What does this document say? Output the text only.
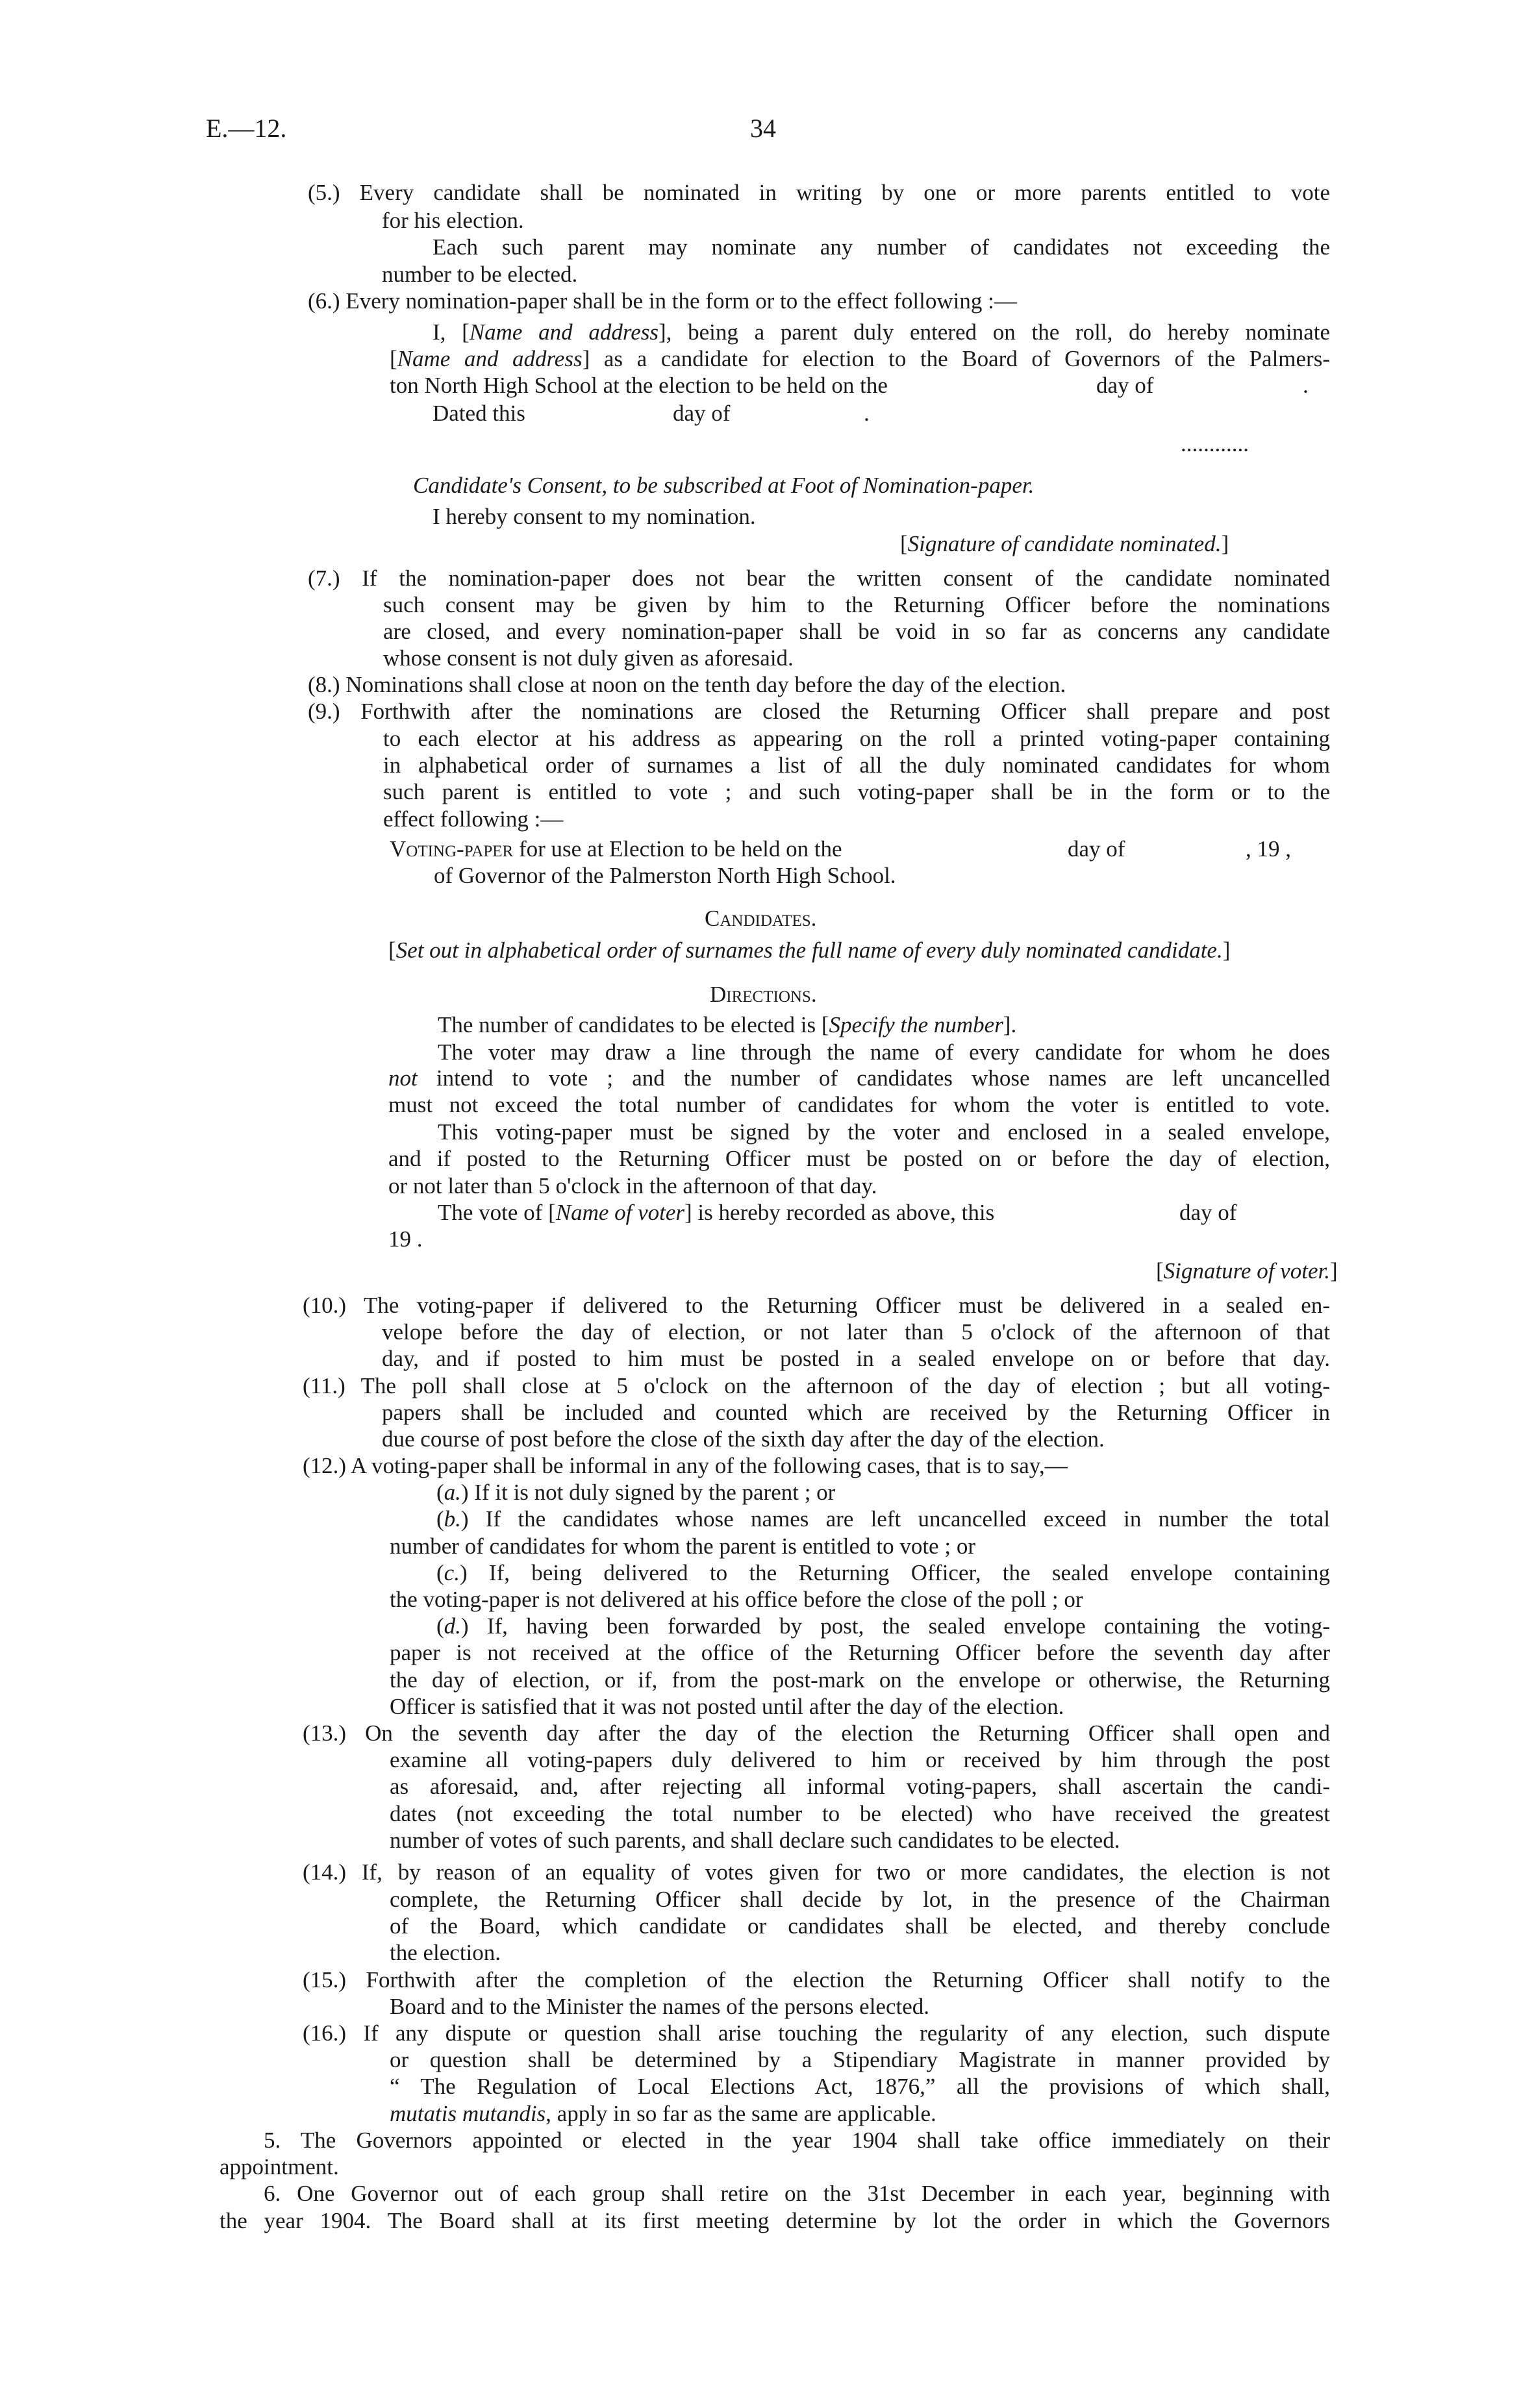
E.—12.	34
(5.) Every candidate shall be nominated in writing by one or more parents entitled to vote
for his election.
Each such parent may nominate any number of candidates not exceeding the
number to be elected.
(6.) Every nomination-paper shall be in the form or to the effect following :—
I, [Name and address], being a parent duly entered on the roll, do hereby nominate
[Name and address] as a candidate for election to the Board of Governors of the Palmers-
ton North High School at the election to be held on the	day of	.
Dated this	day of	.
............
Candidate's Consent, to be subscribed at Foot of Nomination-paper.
I hereby consent to my nomination.
[Signature of candidate nominated.]
(7.) If the nomination-paper does not bear the written consent of the candidate nominated
such consent may be given by him to the Returning Officer before the nominations
are closed, and every nomination-paper shall be void in so far as concerns any candidate
whose consent is not duly given as aforesaid.
(8.) Nominations shall close at noon on the tenth day before the day of the election.
(9.) Forthwith after the nominations are closed the Returning Officer shall prepare and post
to each elector at his address as appearing on the roll a printed voting-paper containing
in alphabetical order of surnames a list of all the duly nominated candidates for whom
such parent is entitled to vote ; and such voting-paper shall be in the form or to the
effect following :—
Voting-paper for use at Election to be held on the	day of	, 19 ,
of Governor of the Palmerston North High School.
Candidates.
[Set out in alphabetical order of surnames the full name of every duly nominated candidate.]
Directions.
The number of candidates to be elected is [Specify the number].
The voter may draw a line through the name of every candidate for whom he does
not intend to vote ; and the number of candidates whose names are left uncancelled
must not exceed the total number of candidates for whom the voter is entitled to vote.
This voting-paper must be signed by the voter and enclosed in a sealed envelope,
and if posted to the Returning Officer must be posted on or before the day of election,
or not later than 5 o'clock in the afternoon of that day.
The vote of [Name of voter] is hereby recorded as above, this	day of
19 .
[Signature of voter.]
(10.) The voting-paper if delivered to the Returning Officer must be delivered in a sealed en-
velope before the day of election, or not later than 5 o'clock of the afternoon of that
day, and if posted to him must be posted in a sealed envelope on or before that day.
(11.) The poll shall close at 5 o'clock on the afternoon of the day of election ; but all voting-
papers shall be included and counted which are received by the Returning Officer in
due course of post before the close of the sixth day after the day of the election.
(12.) A voting-paper shall be informal in any of the following cases, that is to say,—
(a.) If it is not duly signed by the parent ; or
(b.) If the candidates whose names are left uncancelled exceed in number the total
number of candidates for whom the parent is entitled to vote ; or
(c.) If, being delivered to the Returning Officer, the sealed envelope containing
the voting-paper is not delivered at his office before the close of the poll ; or
(d.) If, having been forwarded by post, the sealed envelope containing the voting-
paper is not received at the office of the Returning Officer before the seventh day after
the day of election, or if, from the post-mark on the envelope or otherwise, the Returning
Officer is satisfied that it was not posted until after the day of the election.
(13.) On the seventh day after the day of the election the Returning Officer shall open and
examine all voting-papers duly delivered to him or received by him through the post
as aforesaid, and, after rejecting all informal voting-papers, shall ascertain the candi-
dates (not exceeding the total number to be elected) who have received the greatest
number of votes of such parents, and shall declare such candidates to be elected.
(14.) If, by reason of an equality of votes given for two or more candidates, the election is not
complete, the Returning Officer shall decide by lot, in the presence of the Chairman
of the Board, which candidate or candidates shall be elected, and thereby conclude
the election.
(15.) Forthwith after the completion of the election the Returning Officer shall notify to the
Board and to the Minister the names of the persons elected.
(16.) If any dispute or question shall arise touching the regularity of any election, such dispute
or question shall be determined by a Stipendiary Magistrate in manner provided by
“ The Regulation of Local Elections Act, 1876,” all the provisions of which shall,
mutatis mutandis, apply in so far as the same are applicable.
5. The Governors appointed or elected in the year 1904 shall take office immediately on their
appointment.
6. One Governor out of each group shall retire on the 31st December in each year, beginning with
the year 1904. The Board shall at its first meeting determine by lot the order in which the Governors
